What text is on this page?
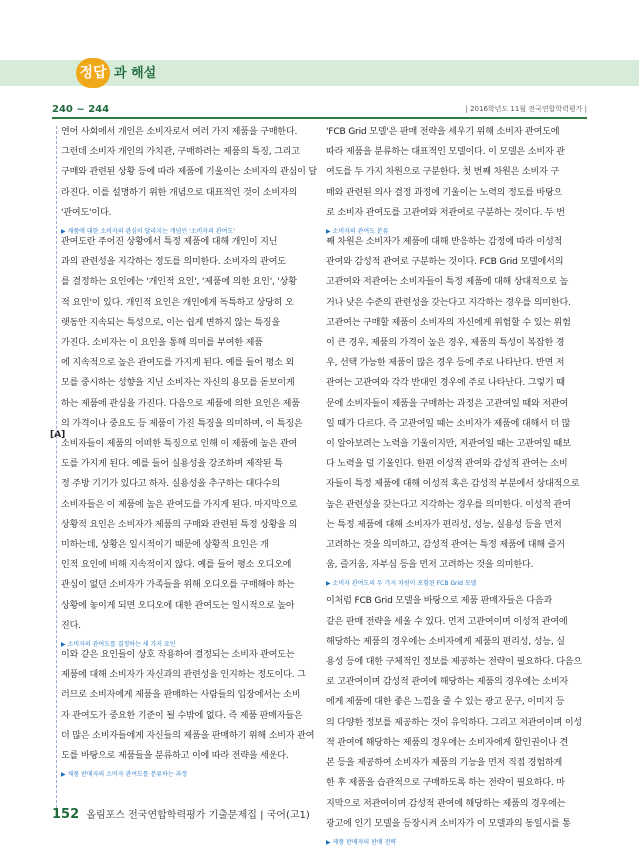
정답 과 해설
240 ~ 244	| 2016학년도 11월 전국연합학력평가 |
[A]

연어 사회에서 개인은 소비자로서 여러 가지 제품을 구매한다.

그런데 소비자 개인의 가치관, 구매하려는 제품의 특징, 그리고

구매와 관련된 상황 등에 따라 제품에 기울이는 소비자의 관심이 달

라진다. 이를 설명하기 위한 개념으로 대표적인 것이 소비자의

'관여도'이다.

▶ 제품에 대한 소비자의 관심이 달라지는 개념인 '소비자의 관여도'

관여도란 주어진 상황에서 특정 제품에 대해 개인이 지닌

과의 관련성을 지각하는 정도를 의미한다. 소비자의 관여도

를 결정하는 요인에는 '개인적 요인', '제품에 의한 요인', '상황

적 요인'이 있다. 개인적 요인은 개인에게 독특하고 상당히 오

랫동안 지속되는 특성으로, 이는 쉽게 변하지 않는 특징을

가진다. 소비자는 이 요인을 통해 의미를 부여한 제품

에 지속적으로 높은 관여도를 가지게 된다. 예를 들어 평소 외

모를 중시하는 성향을 지닌 소비자는 자신의 용모를 돋보이게

하는 제품에 관심을 가진다. 다음으로 제품에 의한 요인은 제품

의 가격이나 중요도 등 제품이 가진 특징을 의미하며, 이 특징은

소비자들이 제품의 어떠한 특징으로 인해 이 제품에 높은 관여

도를 가지게 된다. 예를 들어 실용성을 강조하며 제작된 특

정 주방 기기가 있다고 하자. 실용성을 추구하는 대다수의

소비자들은 이 제품에 높은 관여도를 가지게 된다. 마지막으로

상황적 요인은 소비자가 제품의 구매와 관련된 특정 상황을 의

미하는데, 상황은 일시적이기 때문에 상황적 요인은 개

인적 요인에 비해 지속적이지 않다. 예를 들어 평소 오디오에

관심이 없던 소비자가 가족들을 위해 오디오를 구매해야 하는

상황에 놓이게 되면 오디오에 대한 관여도는 일시적으로 높아

진다.

▶ 소비자의 관여도를 결정하는 세 가지 요인

이와 같은 요인들이 상호 작용하여 결정되는 소비자 관여도는

제품에 대해 소비자가 자신과의 관련성을 인지하는 정도이다. 그

러므로 소비자에게 제품을 판매하는 사람들의 입장에서는 소비

자 관여도가 중요한 기준이 될 수밖에 없다. 즉 제품 판매자들은

더 많은 소비자들에게 자신들의 제품을 판매하기 위해 소비자 관여

도를 바탕으로 제품들을 분류하고 이에 따라 전략을 세운다.

▶ 제품 판매자의 소비자 관여도를 분류하는 과정

'FCB Grid 모델'은 판매 전략을 세우기 위해 소비자 관여도에

따라 제품을 분류하는 대표적인 모델이다. 이 모델은 소비자 관

여도를 두 가지 차원으로 구분한다. 첫 번째 차원은 소비자 구

매와 관련된 의사 결정 과정에 기울이는 노력의 정도를 바탕으

로 소비자 관여도를 고관여와 저관여로 구분하는 것이다. 두 번

▶ 소비자의 관여도 분류

째 차원은 소비자가 제품에 대해 반응하는 감정에 따라 이성적

관여와 감성적 관여로 구분하는 것이다. FCB Grid 모델에서의

고관여와 저관여는 소비자들이 특정 제품에 대해 상대적으로 높

거나 낮은 수준의 관련성을 갖는다고 지각하는 경우를 의미한다.

고관여는 구매할 제품이 소비자의 자신에게 위험할 수 있는 위험

이 큰 경우, 제품의 가격이 높은 경우, 제품의 특성이 복잡한 경

우, 선택 가능한 제품이 많은 경우 등에 주로 나타난다. 반면 저

관여는 고관여와 각각 반대인 경우에 주로 나타난다. 그렇기 때

문에 소비자들이 제품을 구매하는 과정은 고관여일 때와 저관여

일 때가 다르다. 즉 고관여일 때는 소비자가 제품에 대해서 더 많

이 알아보려는 노력을 기울이지만, 저관여일 때는 고관여일 때보

다 노력을 덜 기울인다. 한편 이성적 관여와 감성적 관여는 소비

자들이 특정 제품에 대해 이성적 혹은 감성적 부분에서 상대적으로

높은 관련성을 갖는다고 지각하는 경우를 의미한다. 이성적 관여

는 특정 제품에 대해 소비자가 편리성, 성능, 실용성 등을 먼저

고려하는 것을 의미하고, 감성적 관여는 특정 제품에 대해 즐거

움, 즐거움, 자부심 등을 먼저 고려하는 것을 의미한다.

▶ 소비자 관여도의 두 가지 차원이 포함된 FCB Grid 모델

이처럼 FCB Grid 모델을 바탕으로 제품 판매자들은 다음과

같은 판매 전략을 세울 수 있다. 먼저 고관여이며 이성적 관여에

해당하는 제품의 경우에는 소비자에게 제품의 편리성, 성능, 실

용성 등에 대한 구체적인 정보를 제공하는 전략이 필요하다. 다음으

로 고관여이며 감성적 관여에 해당하는 제품의 경우에는 소비자

에게 제품에 대한 좋은 느낌을 줄 수 있는 광고 문구, 이미지 등

의 다양한 정보를 제공하는 것이 유익하다. 그리고 저관여이며 이성

적 관여에 해당하는 제품의 경우에는 소비자에게 할인권이나 견

본 등을 제공하여 소비자가 제품의 기능을 먼저 직접 경험하게

한 후 제품을 습관적으로 구매하도록 하는 전략이 필요하다. 마

지막으로 저관여이며 감성적 관여에 해당하는 제품의 경우에는

광고에 인기 모델을 등장시켜 소비자가 이 모델과의 동일시를 통

▶ 제품 판매자의 판매 전략
152 올림포스 전국연합학력평가 기출문제집 | 국어(고1)
